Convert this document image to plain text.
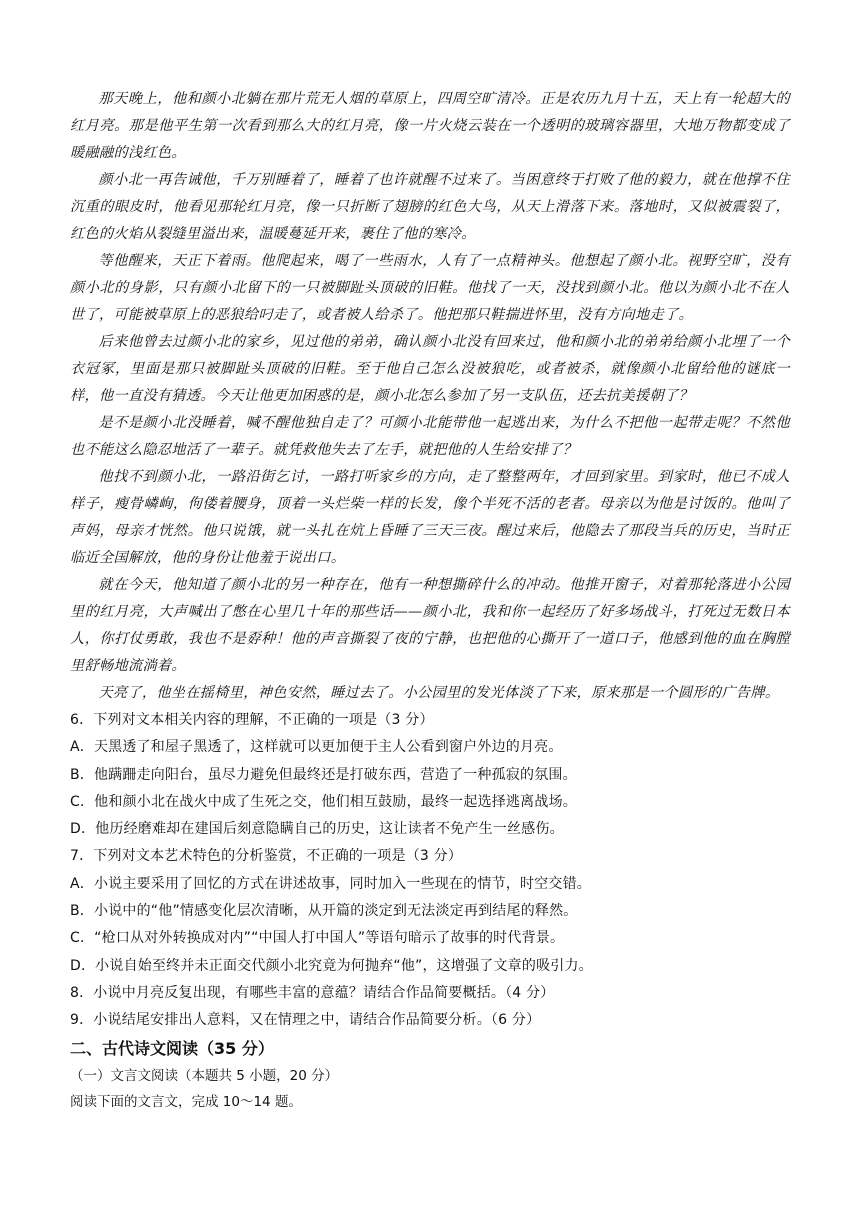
那天晚上，他和颜小北躺在那片荒无人烟的草原上，四周空旷清冷。正是农历九月十五，天上有一轮超大的红月亮。那是他平生第一次看到那么大的红月亮，像一片火烧云装在一个透明的玻璃容器里，大地万物都变成了暖融融的浅红色。

颜小北一再告诫他，千万别睡着了，睡着了也许就醒不过来了。当困意终于打败了他的毅力，就在他撑不住沉重的眼皮时，他看见那轮红月亮，像一只折断了翅膀的红色大鸟，从天上滑落下来。落地时，又似被震裂了，红色的火焰从裂缝里溢出来，温暖蔓延开来，裹住了他的寒冷。

等他醒来，天正下着雨。他爬起来，喝了一些雨水，人有了一点精神头。他想起了颜小北。视野空旷，没有颜小北的身影，只有颜小北留下的一只被脚趾头顶破的旧鞋。他找了一天，没找到颜小北。他以为颜小北不在人世了，可能被草原上的恶狼给叼走了，或者被人给杀了。他把那只鞋揣进怀里，没有方向地走了。

后来他曾去过颜小北的家乡，见过他的弟弟，确认颜小北没有回来过，他和颜小北的弟弟给颜小北埋了一个衣冠冢，里面是那只被脚趾头顶破的旧鞋。至于他自己怎么没被狼吃，或者被杀，就像颜小北留给他的谜底一样，他一直没有猜透。今天让他更加困惑的是，颜小北怎么参加了另一支队伍，还去抗美援朝了？

是不是颜小北没睡着，喊不醒他独自走了？可颜小北能带他一起逃出来，为什么不把他一起带走呢？不然他也不能这么隐忍地活了一辈子。就凭救他失去了左手，就把他的人生给安排了？

他找不到颜小北，一路沿街乞讨，一路打听家乡的方向，走了整整两年，才回到家里。到家时，他已不成人样子，瘦骨嶙峋，佝偻着腰身，顶着一头烂柴一样的长发，像个半死不活的老者。母亲以为他是讨饭的。他叫了声妈，母亲才恍然。他只说饿，就一头扎在炕上昏睡了三天三夜。醒过来后，他隐去了那段当兵的历史，当时正临近全国解放，他的身份让他羞于说出口。

就在今天，他知道了颜小北的另一种存在，他有一种想撕碎什么的冲动。他推开窗子，对着那轮落进小公园里的红月亮，大声喊出了憋在心里几十年的那些话——颜小北，我和你一起经历了好多场战斗，打死过无数日本人，你打仗勇敢，我也不是孬种！他的声音撕裂了夜的宁静，也把他的心撕开了一道口子，他感到他的血在胸膛里舒畅地流淌着。

天亮了，他坐在摇椅里，神色安然，睡过去了。小公园里的发光体淡了下来，原来那是一个圆形的广告牌。

6．下列对文本相关内容的理解，不正确的一项是（3 分）

A．天黑透了和屋子黑透了，这样就可以更加便于主人公看到窗户外边的月亮。

B．他蹒跚走向阳台，虽尽力避免但最终还是打破东西，营造了一种孤寂的氛围。

C．他和颜小北在战火中成了生死之交，他们相互鼓励，最终一起选择逃离战场。

D．他历经磨难却在建国后刻意隐瞒自己的历史，这让读者不免产生一丝感伤。

7．下列对文本艺术特色的分析鉴赏，不正确的一项是（3 分）

A．小说主要采用了回忆的方式在讲述故事，同时加入一些现在的情节，时空交错。

B．小说中的“他”情感变化层次清晰，从开篇的淡定到无法淡定再到结尾的释然。

C．“枪口从对外转换成对内”“中国人打中国人”等语句暗示了故事的时代背景。

D．小说自始至终并未正面交代颜小北究竟为何抛弃“他”，这增强了文章的吸引力。

8．小说中月亮反复出现，有哪些丰富的意蕴？请结合作品简要概括。（4 分）

9．小说结尾安排出人意料，又在情理之中，请结合作品简要分析。（6 分）

二、古代诗文阅读（35 分）

（一）文言文阅读（本题共 5 小题，20 分）

阅读下面的文言文，完成 10～14 题。
